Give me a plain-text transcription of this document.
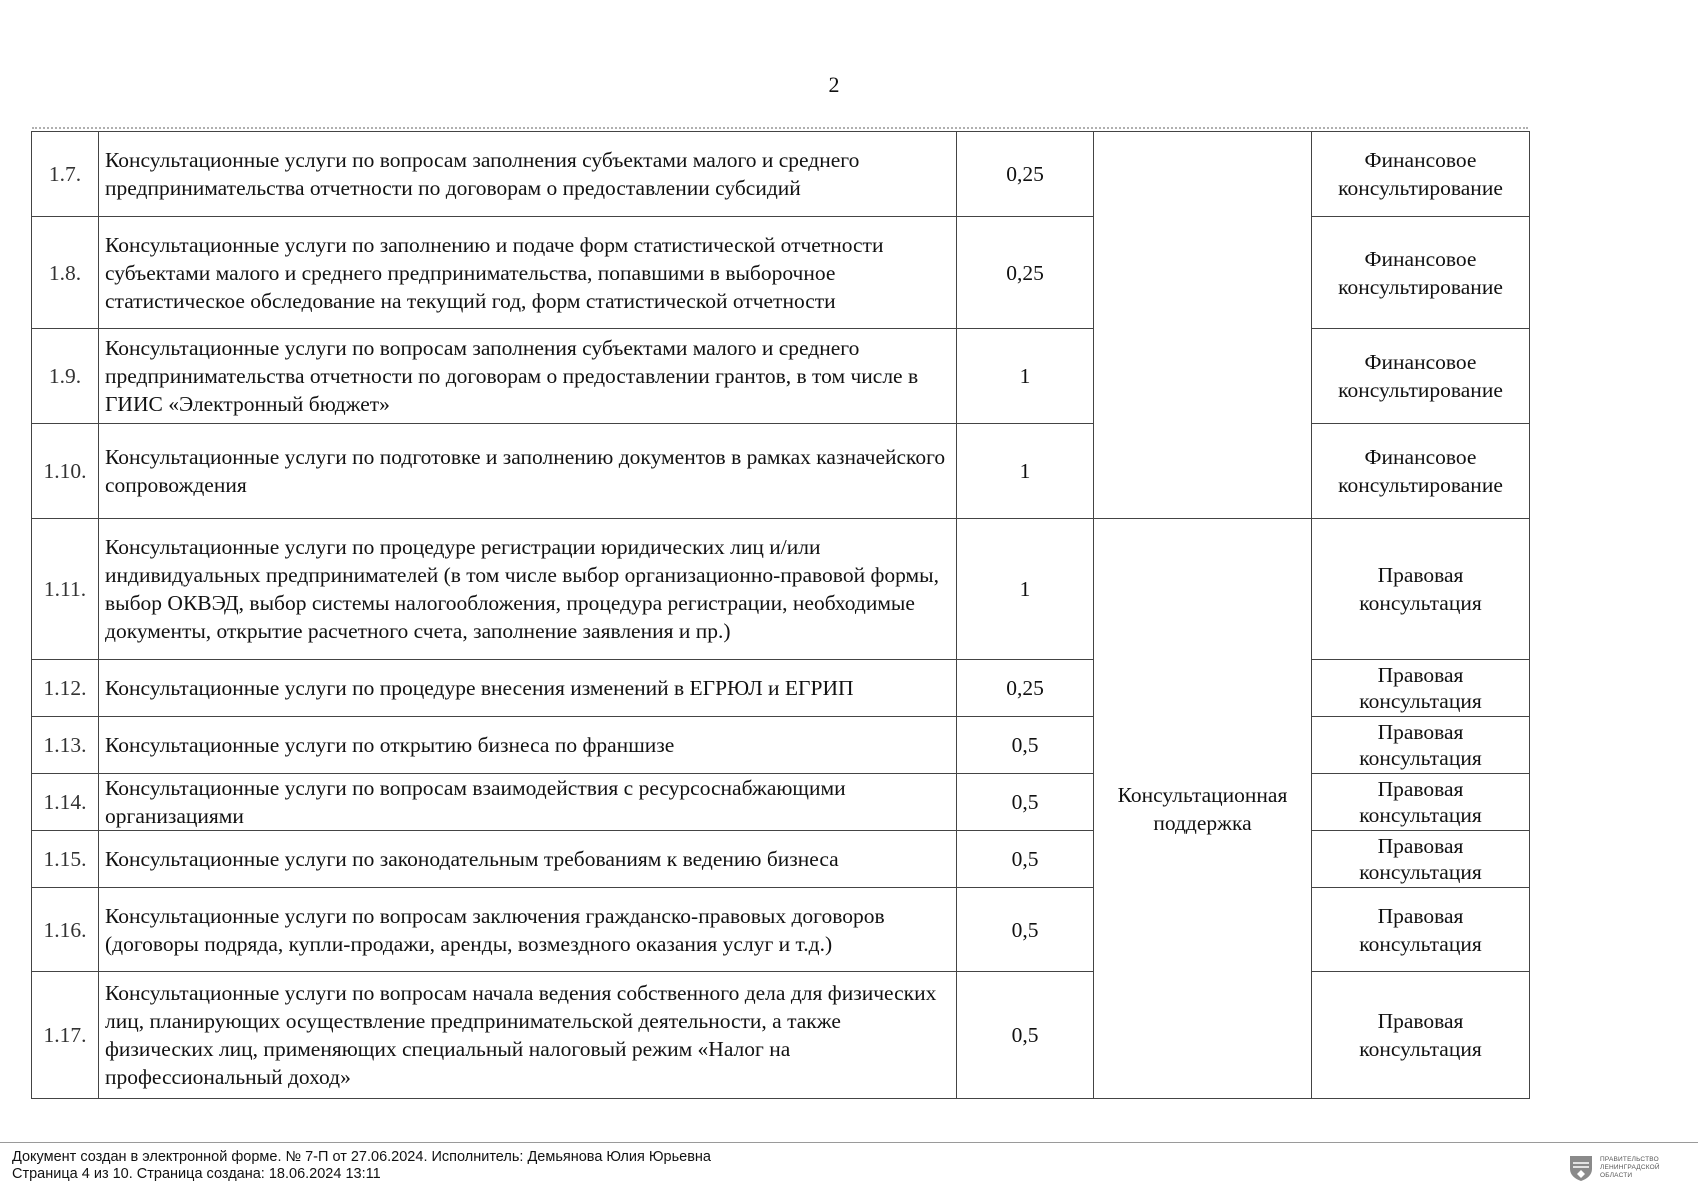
2
1.7.	Консультационные услуги по вопросам заполнения субъектами малого и среднего предпринимательства отчетности по договорам о предоставлении субсидий	0,25		Финансовое консультирование
1.8.	Консультационные услуги по заполнению и подаче форм статистической отчетности субъектами малого и среднего предпринимательства, попавшими в выборочное статистическое обследование на текущий год, форм статистической отчетности	0,25		Финансовое консультирование
1.9.	Консультационные услуги по вопросам заполнения субъектами малого и среднего предпринимательства отчетности по договорам о предоставлении грантов, в том числе в ГИИС «Электронный бюджет»	1		Финансовое консультирование
1.10.	Консультационные услуги по подготовке и заполнению документов в рамках казначейского сопровождения	1		Финансовое консультирование
1.11.	Консультационные услуги по процедуре регистрации юридических лиц и/или индивидуальных предпринимателей (в том числе выбор организационно-правовой формы, выбор ОКВЭД, выбор системы налогообложения, процедура регистрации, необходимые документы, открытие расчетного счета, заполнение заявления и пр.)	1	Консультационная поддержка	Правовая консультация
1.12.	Консультационные услуги по процедуре внесения изменений в ЕГРЮЛ и ЕГРИП	0,25		Правовая консультация
1.13.	Консультационные услуги по открытию бизнеса по франшизе	0,5		Правовая консультация
1.14.	Консультационные услуги по вопросам взаимодействия с ресурсоснабжающими организациями	0,5		Правовая консультация
1.15.	Консультационные услуги по законодательным требованиям к ведению бизнеса	0,5		Правовая консультация
1.16.	Консультационные услуги по вопросам заключения гражданско-правовых договоров (договоры подряда, купли-продажи, аренды, возмездного оказания услуг и т.д.)	0,5		Правовая консультация
1.17.	Консультационные услуги по вопросам начала ведения собственного дела для физических лиц, планирующих осуществление предпринимательской деятельности, а также физических лиц, применяющих специальный налоговый режим «Налог на профессиональный доход»	0,5		Правовая консультация
Документ создан в электронной форме. № 7-П от 27.06.2024. Исполнитель: Демьянова Юлия Юрьевна
Страница 4 из 10. Страница создана: 18.06.2024 13:11
ПРАВИТЕЛЬСТВО
ЛЕНИНГРАДСКОЙ
ОБЛАСТИ
